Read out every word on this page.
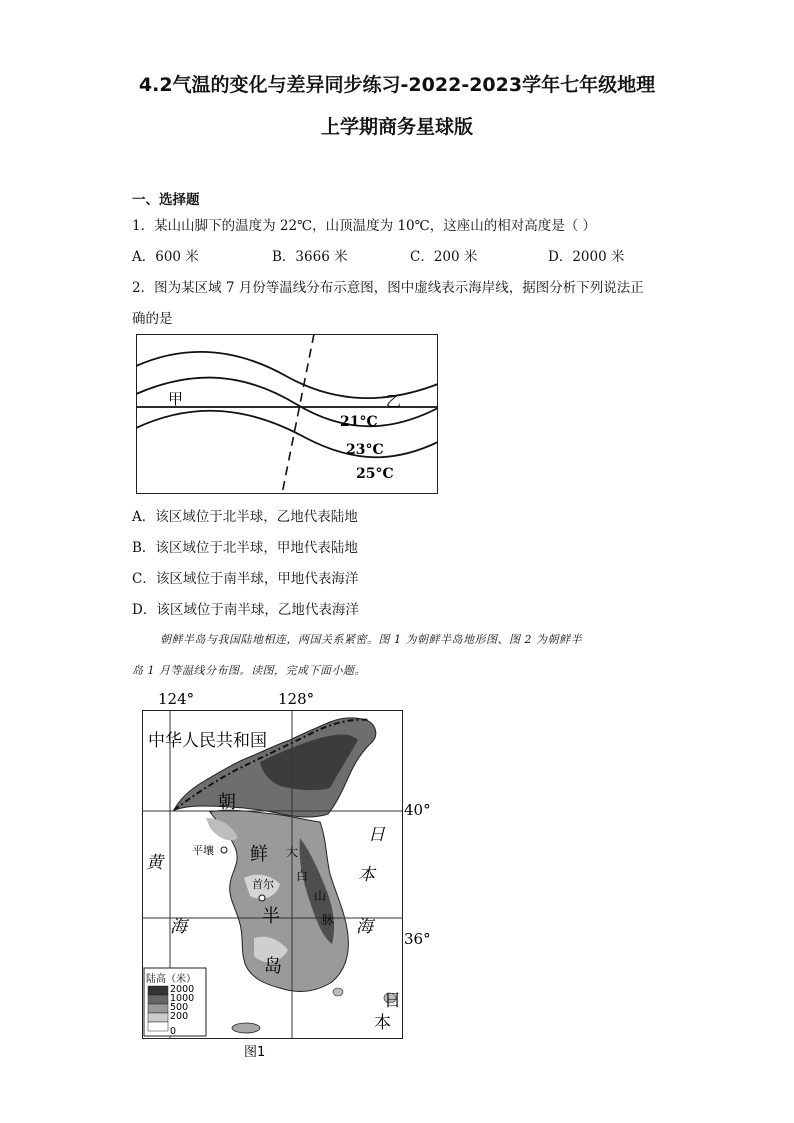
4.2气温的变化与差异同步练习-2022-2023学年七年级地理
上学期商务星球版
一、选择题
1．某山山脚下的温度为 22℃，山顶温度为 10℃，这座山的相对高度是（ ）
A．600 米	B．3666 米	C．200 米	D．2000 米
2．图为某区域 7 月份等温线分布示意图，图中虚线表示海岸线，据图分析下列说法正
确的是
甲	乙
21°C
23°C
25°C
A．该区域位于北半球，乙地代表陆地
B．该区域位于北半球，甲地代表陆地
C．该区域位于南半球，甲地代表海洋
D．该区域位于南半球，乙地代表海洋
朝鲜半岛与我国陆地相连，两国关系紧密。图 1 为朝鲜半岛地形图、图 2 为朝鲜半
岛 1 月等温线分布图。读图，完成下面小题。
124°	128°
40°
36°
中华人民共和国
黄
海
日
本
海
朝
鲜
半
岛
大
白
山
脉
平壤
首尔
日
本
陆高（米）
2000
1000
500
200
0
图1
